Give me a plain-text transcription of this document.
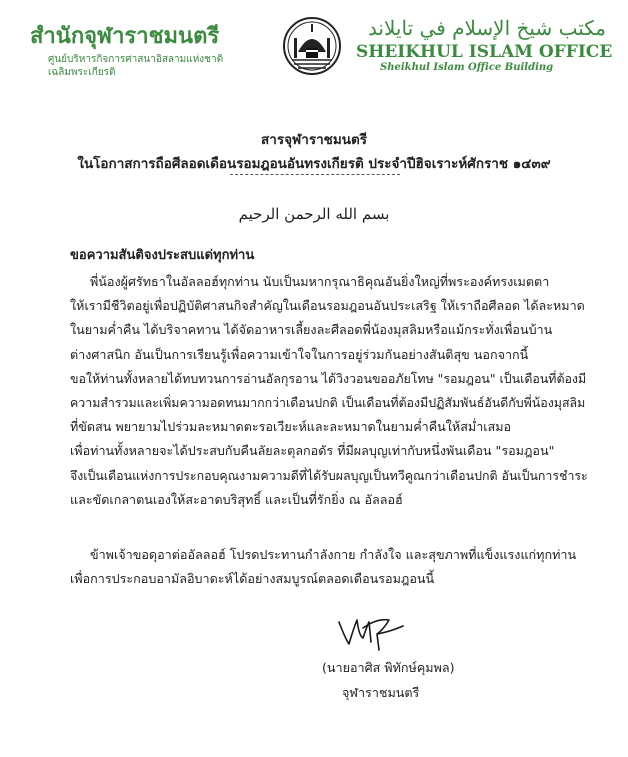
สำนักจุฬาราชมนตรี
ศูนย์บริหารกิจการศาสนาอิสลามแห่งชาติ
เฉลิมพระเกียรติ
مكتب شيخ الإسلام في تايلاند
SHEIKHUL ISLAM OFFICE
Sheikhul Islam Office Building
สารจุฬาราชมนตรี
ในโอกาสการถือศีลอดเดือนรอมฎอนอันทรงเกียรติ ประจำปีฮิจเราะห์ศักราช ๑๔๓๙
بسم الله الرحمن الرحيم
ขอความสันติจงประสบแด่ทุกท่าน
พี่น้องผู้ศรัทธาในอัลลอฮ์ทุกท่าน นับเป็นมหากรุณาธิคุณอันยิ่งใหญ่ที่พระองค์ทรงเมตตา
ให้เรามีชีวิตอยู่เพื่อปฏิบัติศาสนกิจสำคัญในเดือนรอมฎอนอันประเสริฐ ให้เราถือศีลอด ได้ละหมาด
ในยามค่ำคืน ได้บริจาคทาน ได้จัดอาหารเลี้ยงละศีลอดพี่น้องมุสลิมหรือแม้กระทั่งเพื่อนบ้าน
ต่างศาสนิก อันเป็นการเรียนรู้เพื่อความเข้าใจในการอยู่ร่วมกันอย่างสันติสุข นอกจากนี้
ขอให้ท่านทั้งหลายได้ทบทวนการอ่านอัลกุรอาน ได้วิงวอนขออภัยโทษ "รอมฎอน" เป็นเดือนที่ต้องมี
ความสำรวมและเพิ่มความอดทนมากกว่าเดือนปกติ เป็นเดือนที่ต้องมีปฏิสัมพันธ์อันดีกับพี่น้องมุสลิม
ที่ขัดสน พยายามไปร่วมละหมาดตะรอเวียะห์และละหมาดในยามค่ำคืนให้สม่ำเสมอ
เพื่อท่านทั้งหลายจะได้ประสบกับคืนลัยละตุลกอดัร ที่มีผลบุญเท่ากับหนึ่งพันเดือน "รอมฎอน"
จึงเป็นเดือนแห่งการประกอบคุณงามความดีที่ได้รับผลบุญเป็นทวีคูณกว่าเดือนปกติ อันเป็นการชำระ
และขัดเกลาตนเองให้สะอาดบริสุทธิ์ และเป็นที่รักยิ่ง ณ อัลลอฮ์
ข้าพเจ้าขอดุอาต่ออัลลอฮ์ โปรดประทานกำลังกาย กำลังใจ และสุขภาพที่แข็งแรงแก่ทุกท่าน
เพื่อการประกอบอามัลอิบาดะห์ได้อย่างสมบูรณ์ตลอดเดือนรอมฎอนนี้
(นายอาศิส พิทักษ์คุมพล)
จุฬาราชมนตรี
